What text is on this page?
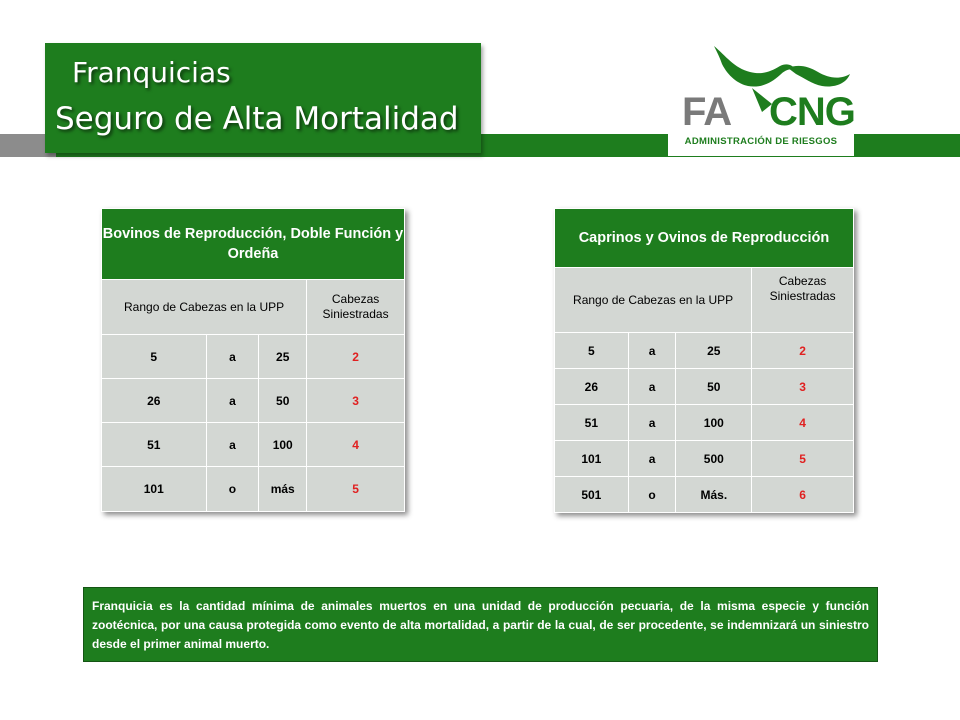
Franquicias
Seguro de Alta Mortalidad	FA CNG
ADMINISTRACIÓN DE RIESGOS
Bovinos de Reproducción, Doble Función y Ordeña			
Rango de Cabezas en la UPP			Cabezas Siniestradas
5	a	25	2
26	a	50	3
51	a	100	4
101	o	más	5
Caprinos y Ovinos de Reproducción			
Rango de Cabezas en la UPP			Cabezas Siniestradas
5	a	25	2
26	a	50	3
51	a	100	4
101	a	500	5
501	o	Más.	6
Franquicia es la cantidad mínima de animales muertos en una unidad de producción pecuaria, de la misma especie y función zootécnica, por una causa protegida como evento de alta mortalidad, a partir de la cual, de ser procedente, se indemnizará un siniestro desde el primer animal muerto.
